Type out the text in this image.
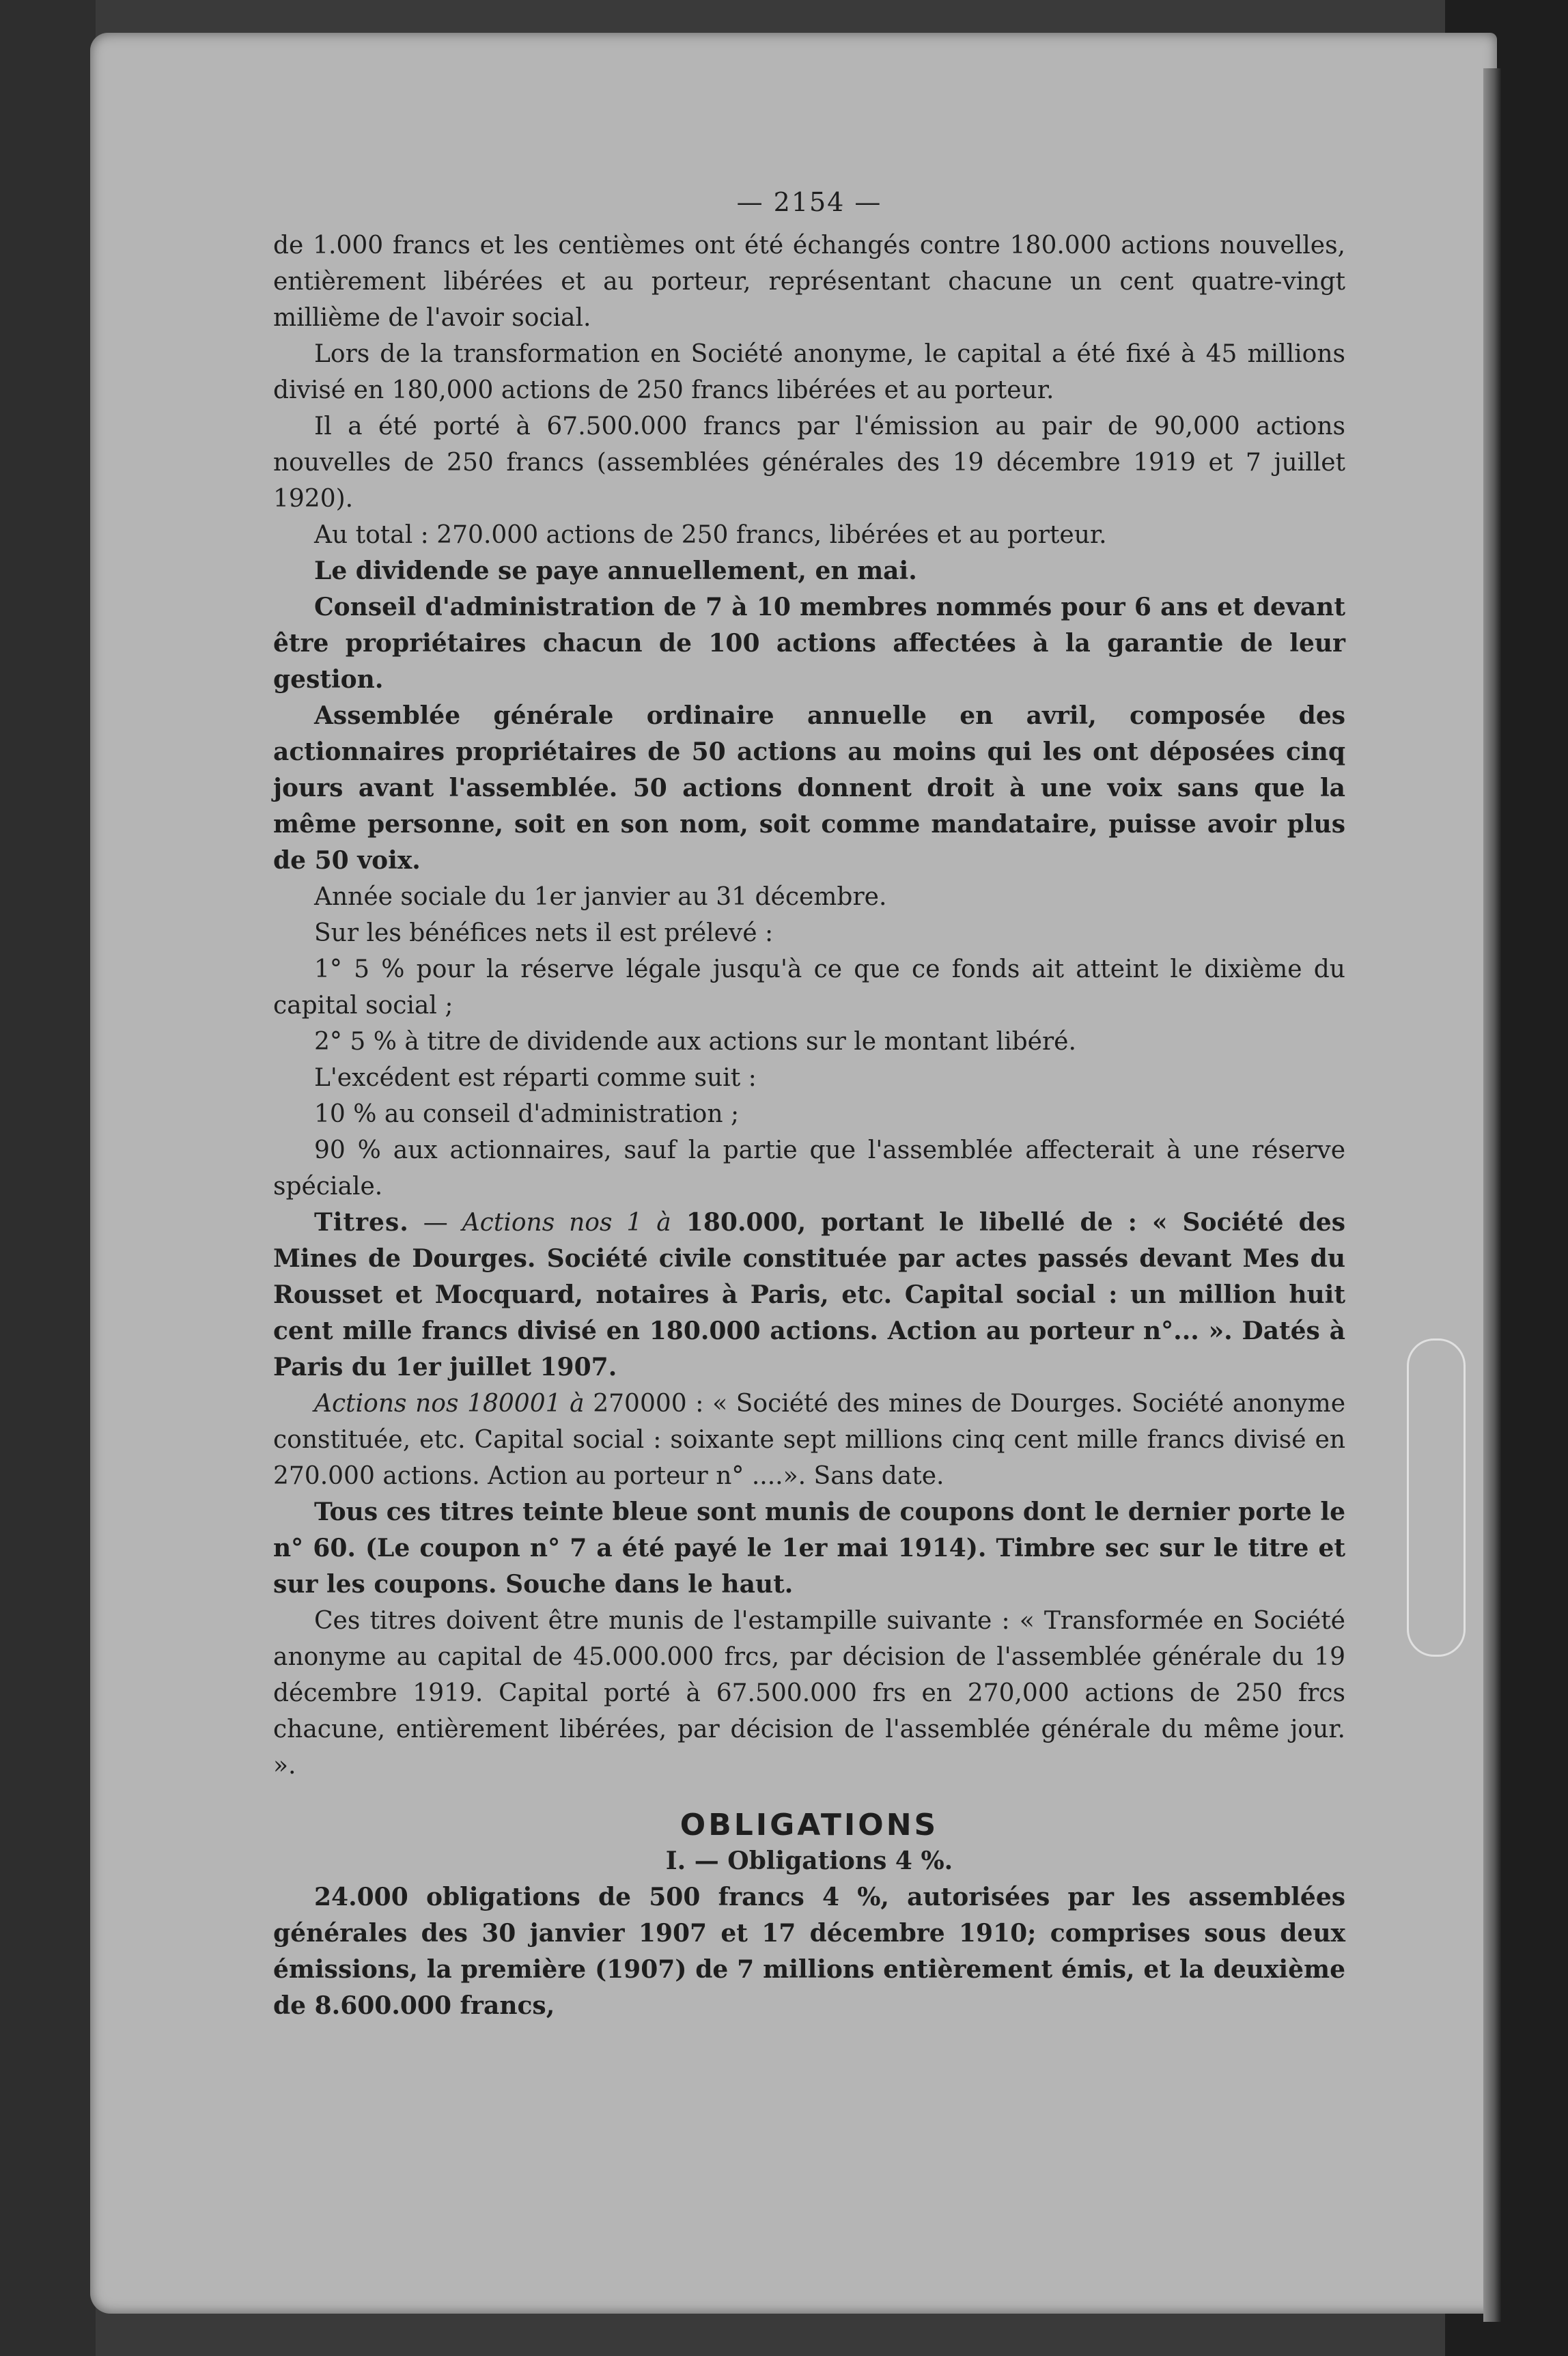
— 2154 —

de 1.000 francs et les centièmes ont été échangés contre 180.000 actions nouvelles, entièrement libérées et au porteur, représentant chacune un cent quatre-vingt millième de l'avoir social.

Lors de la transformation en Société anonyme, le capital a été fixé à 45 millions divisé en 180,000 actions de 250 francs libérées et au porteur.

Il a été porté à 67.500.000 francs par l'émission au pair de 90,000 actions nouvelles de 250 francs (assemblées générales des 19 décembre 1919 et 7 juillet 1920).

Au total : 270.000 actions de 250 francs, libérées et au porteur.

Le dividende se paye annuellement, en mai.

Conseil d'administration de 7 à 10 membres nommés pour 6 ans et devant être propriétaires chacun de 100 actions affectées à la garantie de leur gestion.

Assemblée générale ordinaire annuelle en avril, composée des actionnaires propriétaires de 50 actions au moins qui les ont déposées cinq jours avant l'assemblée. 50 actions donnent droit à une voix sans que la même personne, soit en son nom, soit comme mandataire, puisse avoir plus de 50 voix.

Année sociale du 1er janvier au 31 décembre.

Sur les bénéfices nets il est prélevé :

1° 5 % pour la réserve légale jusqu'à ce que ce fonds ait atteint le dixième du capital social ;

2° 5 % à titre de dividende aux actions sur le montant libéré.

L'excédent est réparti comme suit :

10 % au conseil d'administration ;

90 % aux actionnaires, sauf la partie que l'assemblée affecterait à une réserve spéciale.

Titres. — Actions nos 1 à 180.000, portant le libellé de : « Société des Mines de Dourges. Société civile constituée par actes passés devant Mes du Rousset et Mocquard, notaires à Paris, etc. Capital social : un million huit cent mille francs divisé en 180.000 actions. Action au porteur n°... ». Datés à Paris du 1er juillet 1907.

Actions nos 180001 à 270000 : « Société des mines de Dourges. Société anonyme constituée, etc. Capital social : soixante sept millions cinq cent mille francs divisé en 270.000 actions. Action au porteur n° ....». Sans date.

Tous ces titres teinte bleue sont munis de coupons dont le dernier porte le n° 60. (Le coupon n° 7 a été payé le 1er mai 1914). Timbre sec sur le titre et sur les coupons. Souche dans le haut.

Ces titres doivent être munis de l'estampille suivante : « Transformée en Société anonyme au capital de 45.000.000 frcs, par décision de l'assemblée générale du 19 décembre 1919. Capital porté à 67.500.000 frs en 270,000 actions de 250 frcs chacune, entièrement libérées, par décision de l'assemblée générale du même jour. ».

OBLIGATIONS
I. — Obligations 4 %.

24.000 obligations de 500 francs 4 %, autorisées par les assemblées générales des 30 janvier 1907 et 17 décembre 1910; comprises sous deux émissions, la première (1907) de 7 millions entièrement émis, et la deuxième de 8.600.000 francs,
